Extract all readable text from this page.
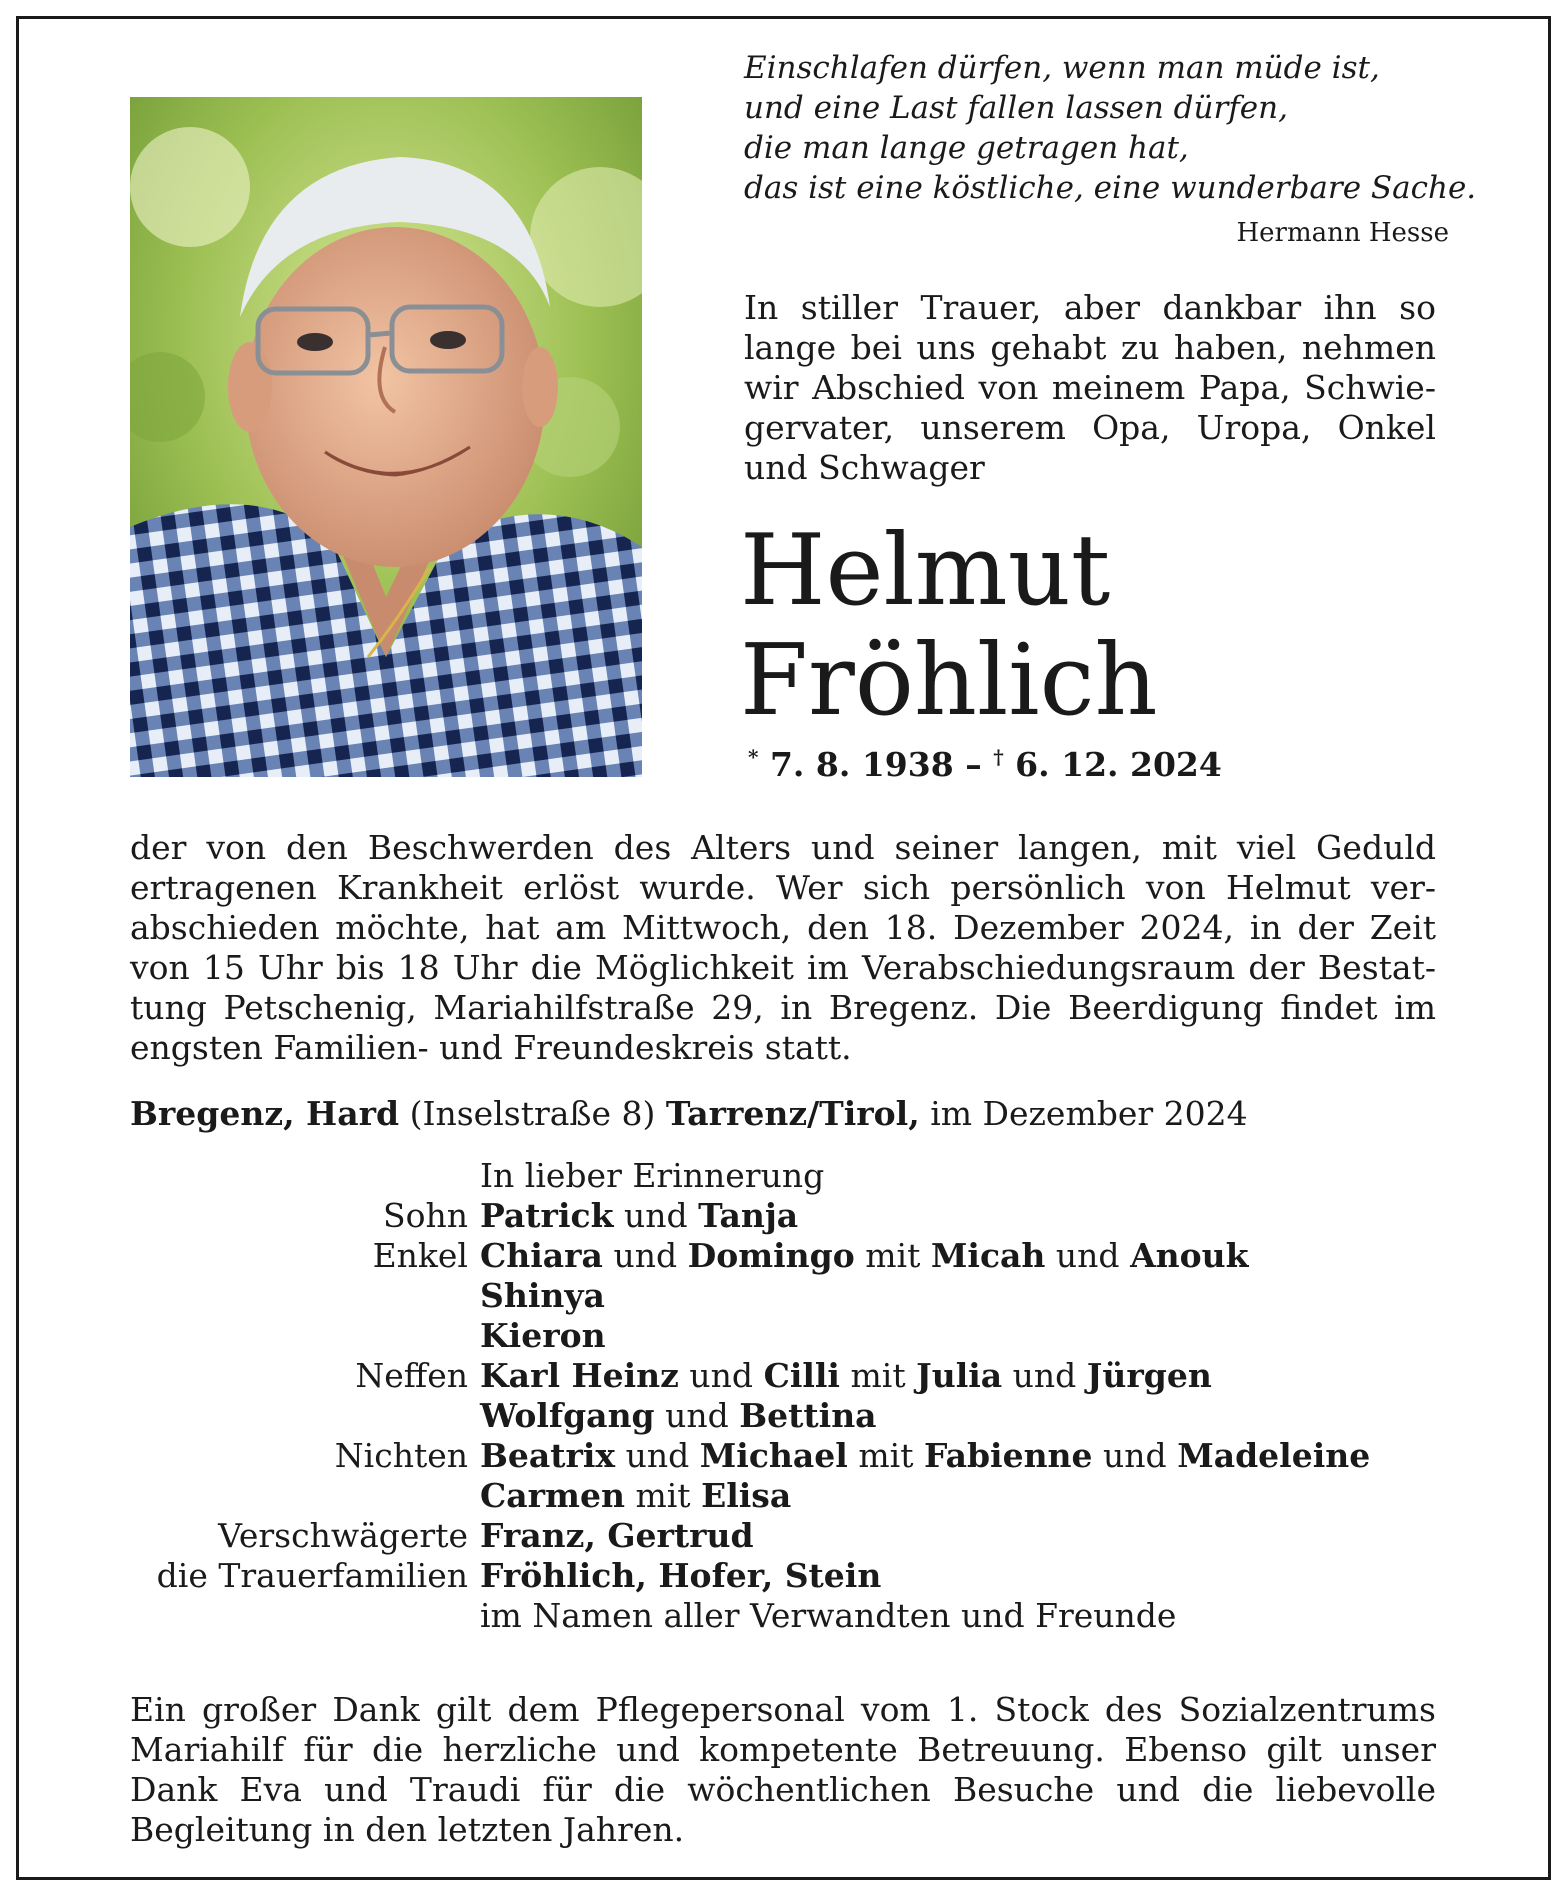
Einschlafen dürfen, wenn man müde ist,
und eine Last fallen lassen dürfen,
die man lange getragen hat,
das ist eine köstliche, eine wunderbare Sache.
Hermann Hesse
In stiller Trauer, aber dankbar ihn so
lange bei uns gehabt zu haben, nehmen
wir Abschied von meinem Papa, Schwie-
gervater, unserem Opa, Uropa, Onkel
und Schwager
Helmut
Fröhlich
* 7. 8. 1938 – † 6. 12. 2024
der von den Beschwerden des Alters und seiner langen, mit viel Geduld
ertragenen Krankheit erlöst wurde. Wer sich persönlich von Helmut ver-
abschieden möchte, hat am Mittwoch, den 18. Dezember 2024, in der Zeit
von 15 Uhr bis 18 Uhr die Möglichkeit im Verabschiedungsraum der Bestat-
tung Petschenig, Mariahilfstraße 29, in Bregenz. Die Beerdigung findet im
engsten Familien- und Freundeskreis statt.
Bregenz, Hard (Inselstraße 8) Tarrenz/Tirol, im Dezember 2024
In lieber Erinnerung
Sohn Patrick und Tanja
Enkel Chiara und Domingo mit Micah und Anouk
Shinya
Kieron
Neffen Karl Heinz und Cilli mit Julia und Jürgen
Wolfgang und Bettina
Nichten Beatrix und Michael mit Fabienne und Madeleine
Carmen mit Elisa
Verschwägerte Franz, Gertrud
die Trauerfamilien Fröhlich, Hofer, Stein
im Namen aller Verwandten und Freunde
Ein großer Dank gilt dem Pflegepersonal vom 1. Stock des Sozialzentrums
Mariahilf für die herzliche und kompetente Betreuung. Ebenso gilt unser
Dank Eva und Traudi für die wöchentlichen Besuche und die liebevolle
Begleitung in den letzten Jahren.
